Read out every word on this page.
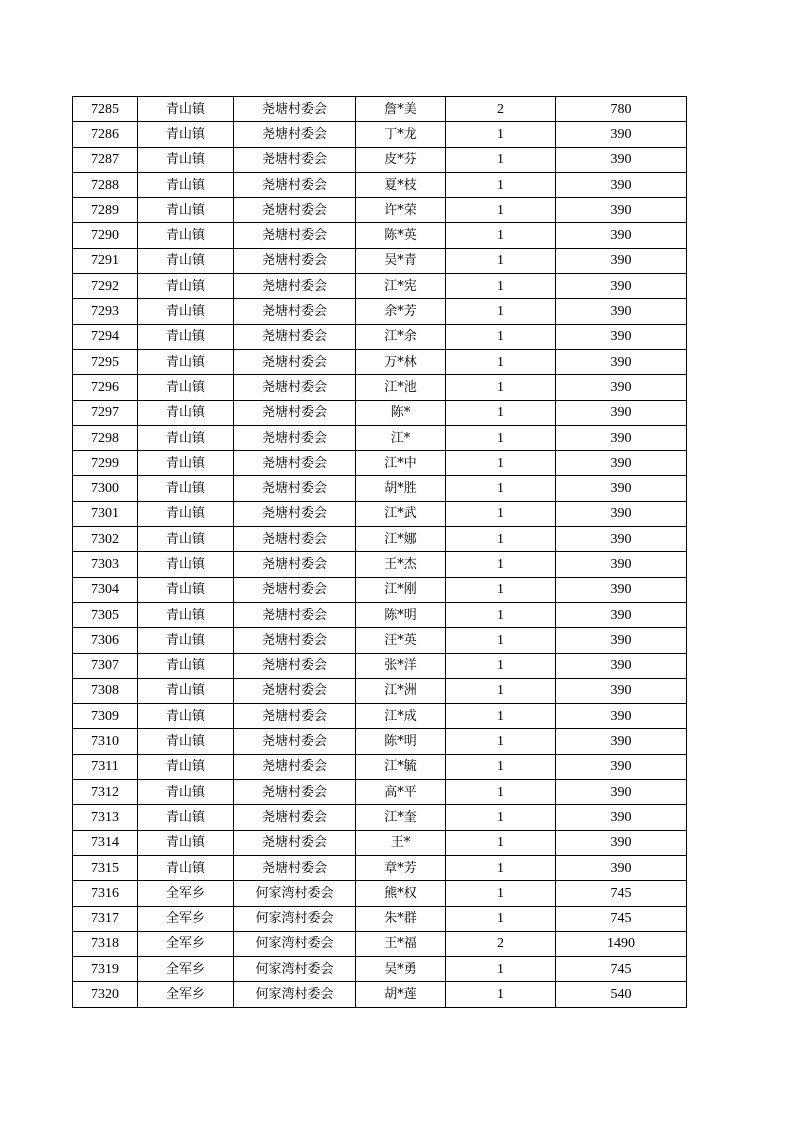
7285	青山镇	尧塘村委会	詹*美	2	780
7286	青山镇	尧塘村委会	丁*龙	1	390
7287	青山镇	尧塘村委会	皮*芬	1	390
7288	青山镇	尧塘村委会	夏*枝	1	390
7289	青山镇	尧塘村委会	许*荣	1	390
7290	青山镇	尧塘村委会	陈*英	1	390
7291	青山镇	尧塘村委会	吴*青	1	390
7292	青山镇	尧塘村委会	江*宪	1	390
7293	青山镇	尧塘村委会	余*芳	1	390
7294	青山镇	尧塘村委会	江*余	1	390
7295	青山镇	尧塘村委会	万*林	1	390
7296	青山镇	尧塘村委会	江*池	1	390
7297	青山镇	尧塘村委会	陈*	1	390
7298	青山镇	尧塘村委会	江*	1	390
7299	青山镇	尧塘村委会	江*中	1	390
7300	青山镇	尧塘村委会	胡*胜	1	390
7301	青山镇	尧塘村委会	江*武	1	390
7302	青山镇	尧塘村委会	江*娜	1	390
7303	青山镇	尧塘村委会	王*杰	1	390
7304	青山镇	尧塘村委会	江*刚	1	390
7305	青山镇	尧塘村委会	陈*明	1	390
7306	青山镇	尧塘村委会	汪*英	1	390
7307	青山镇	尧塘村委会	张*洋	1	390
7308	青山镇	尧塘村委会	江*洲	1	390
7309	青山镇	尧塘村委会	江*成	1	390
7310	青山镇	尧塘村委会	陈*明	1	390
7311	青山镇	尧塘村委会	江*毓	1	390
7312	青山镇	尧塘村委会	高*平	1	390
7313	青山镇	尧塘村委会	江*奎	1	390
7314	青山镇	尧塘村委会	王*	1	390
7315	青山镇	尧塘村委会	章*芳	1	390
7316	全军乡	何家湾村委会	熊*权	1	745
7317	全军乡	何家湾村委会	朱*群	1	745
7318	全军乡	何家湾村委会	王*福	2	1490
7319	全军乡	何家湾村委会	吴*勇	1	745
7320	全军乡	何家湾村委会	胡*莲	1	540
